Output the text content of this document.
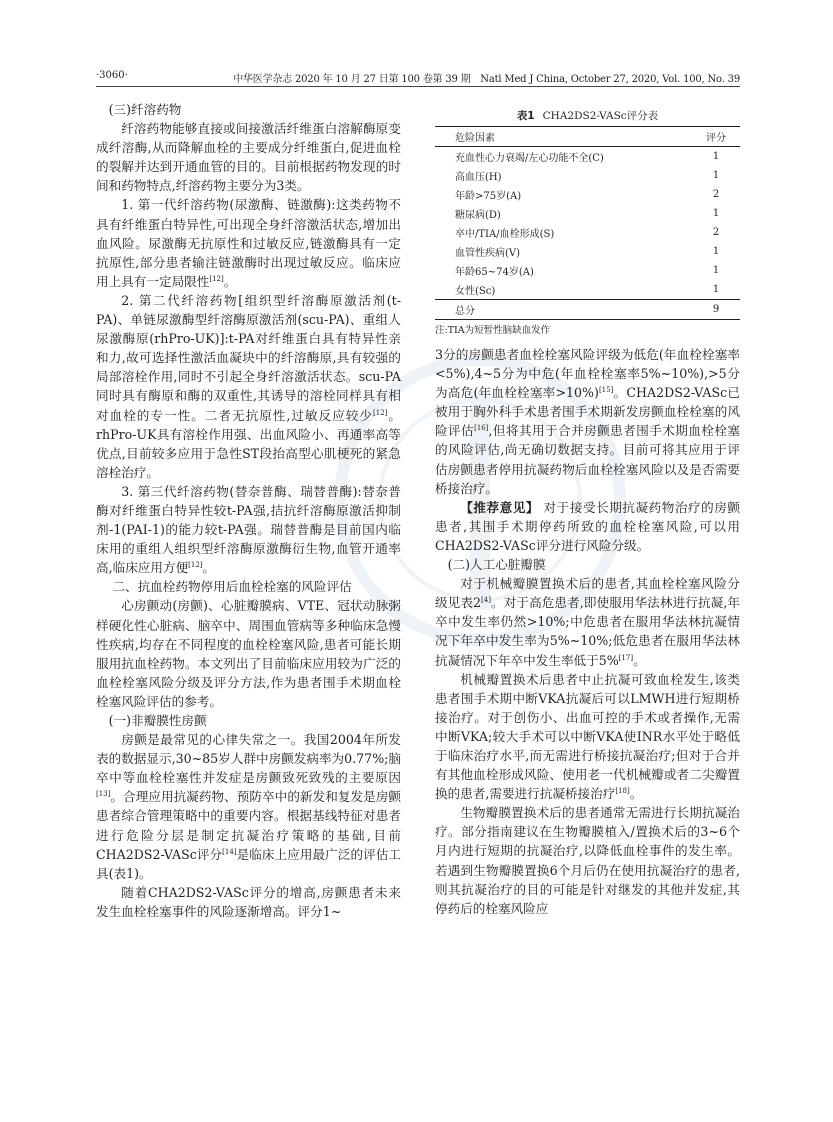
·3060·	中华医学杂志 2020 年 10 月 27 日第 100 卷第 39 期　Natl Med J China, October 27, 2020, Vol. 100, No. 39

(三)纤溶药物

纤溶药物能够直接或间接激活纤维蛋白溶解酶原变成纤溶酶,从而降解血栓的主要成分纤维蛋白,促进血栓的裂解并达到开通血管的目的。目前根据药物发现的时间和药物特点,纤溶药物主要分为3类。

1. 第一代纤溶药物(尿激酶、链激酶):这类药物不具有纤维蛋白特异性,可出现全身纤溶激活状态,增加出血风险。尿激酶无抗原性和过敏反应,链激酶具有一定抗原性,部分患者输注链激酶时出现过敏反应。临床应用上具有一定局限性[12]。

2. 第二代纤溶药物[组织型纤溶酶原激活剂(t-PA)、单链尿激酶型纤溶酶原激活剂(scu-PA)、重组人尿激酶原(rhPro-UK)]:t-PA对纤维蛋白具有特异性亲和力,故可选择性激活血凝块中的纤溶酶原,具有较强的局部溶栓作用,同时不引起全身纤溶激活状态。scu-PA同时具有酶原和酶的双重性,其诱导的溶栓同样具有相对血栓的专一性。二者无抗原性,过敏反应较少[12]。rhPro-UK具有溶栓作用强、出血风险小、再通率高等优点,目前较多应用于急性ST段抬高型心肌梗死的紧急溶栓治疗。

3. 第三代纤溶药物(替奈普酶、瑞替普酶):替奈普酶对纤维蛋白特异性较t-PA强,拮抗纤溶酶原激活抑制剂-1(PAI-1)的能力较t-PA强。瑞替普酶是目前国内临床用的重组人组织型纤溶酶原激酶衍生物,血管开通率高,临床应用方便[12]。

二、抗血栓药物停用后血栓栓塞的风险评估

心房颤动(房颤)、心脏瓣膜病、VTE、冠状动脉粥样硬化性心脏病、脑卒中、周围血管病等多种临床急慢性疾病,均存在不同程度的血栓栓塞风险,患者可能长期服用抗血栓药物。本文列出了目前临床应用较为广泛的血栓栓塞风险分级及评分方法,作为患者围手术期血栓栓塞风险评估的参考。

(一)非瓣膜性房颤

房颤是最常见的心律失常之一。我国2004年所发表的数据显示,30~85岁人群中房颤发病率为0.77%;脑卒中等血栓栓塞性并发症是房颤致死致残的主要原因[13]。合理应用抗凝药物、预防卒中的新发和复发是房颤患者综合管理策略中的重要内容。根据基线特征对患者进行危险分层是制定抗凝治疗策略的基础,目前CHA2DS2-VASc评分[14]是临床上应用最广泛的评估工具(表1)。

随着CHA2DS2-VASc评分的增高,房颤患者未来发生血栓栓塞事件的风险逐渐增高。评分1~

表1 CHA2DS2-VASc评分表
危险因素	评分
充血性心力衰竭/左心功能不全(C)	1
高血压(H)	1
年龄>75岁(A)	2
糖尿病(D)	1
卒中/TIA/血栓形成(S)	2
血管性疾病(V)	1
年龄65~74岁(A)	1
女性(Sc)	1
总分	9
注:TIA为短暂性脑缺血发作

3分的房颤患者血栓栓塞风险评级为低危(年血栓栓塞率<5%),4~5分为中危(年血栓栓塞率5%~10%),>5分为高危(年血栓栓塞率>10%)[15]。CHA2DS2-VASc已被用于胸外科手术患者围手术期新发房颤血栓栓塞的风险评估[16],但将其用于合并房颤患者围手术期血栓栓塞的风险评估,尚无确切数据支持。目前可将其应用于评估房颤患者停用抗凝药物后血栓栓塞风险以及是否需要桥接治疗。

【推荐意见】 对于接受长期抗凝药物治疗的房颤患者,其围手术期停药所致的血栓栓塞风险,可以用CHA2DS2-VASc评分进行风险分级。

(二)人工心脏瓣膜

对于机械瓣膜置换术后的患者,其血栓栓塞风险分级见表2[4]。对于高危患者,即使服用华法林进行抗凝,年卒中发生率仍然>10%;中危患者在服用华法林抗凝情况下年卒中发生率为5%~10%;低危患者在服用华法林抗凝情况下年卒中发生率低于5%[17]。

机械瓣置换术后患者中止抗凝可致血栓发生,该类患者围手术期中断VKA抗凝后可以LMWH进行短期桥接治疗。对于创伤小、出血可控的手术或者操作,无需中断VKA;较大手术可以中断VKA使INR水平处于略低于临床治疗水平,而无需进行桥接抗凝治疗;但对于合并有其他血栓形成风险、使用老一代机械瓣或者二尖瓣置换的患者,需要进行抗凝桥接治疗[18]。

生物瓣膜置换术后的患者通常无需进行长期抗凝治疗。部分指南建议在生物瓣膜植入/置换术后的3~6个月内进行短期的抗凝治疗,以降低血栓事件的发生率。若遇到生物瓣膜置换6个月后仍在使用抗凝治疗的患者,则其抗凝治疗的目的可能是针对继发的其他并发症,其停药后的栓塞风险应
